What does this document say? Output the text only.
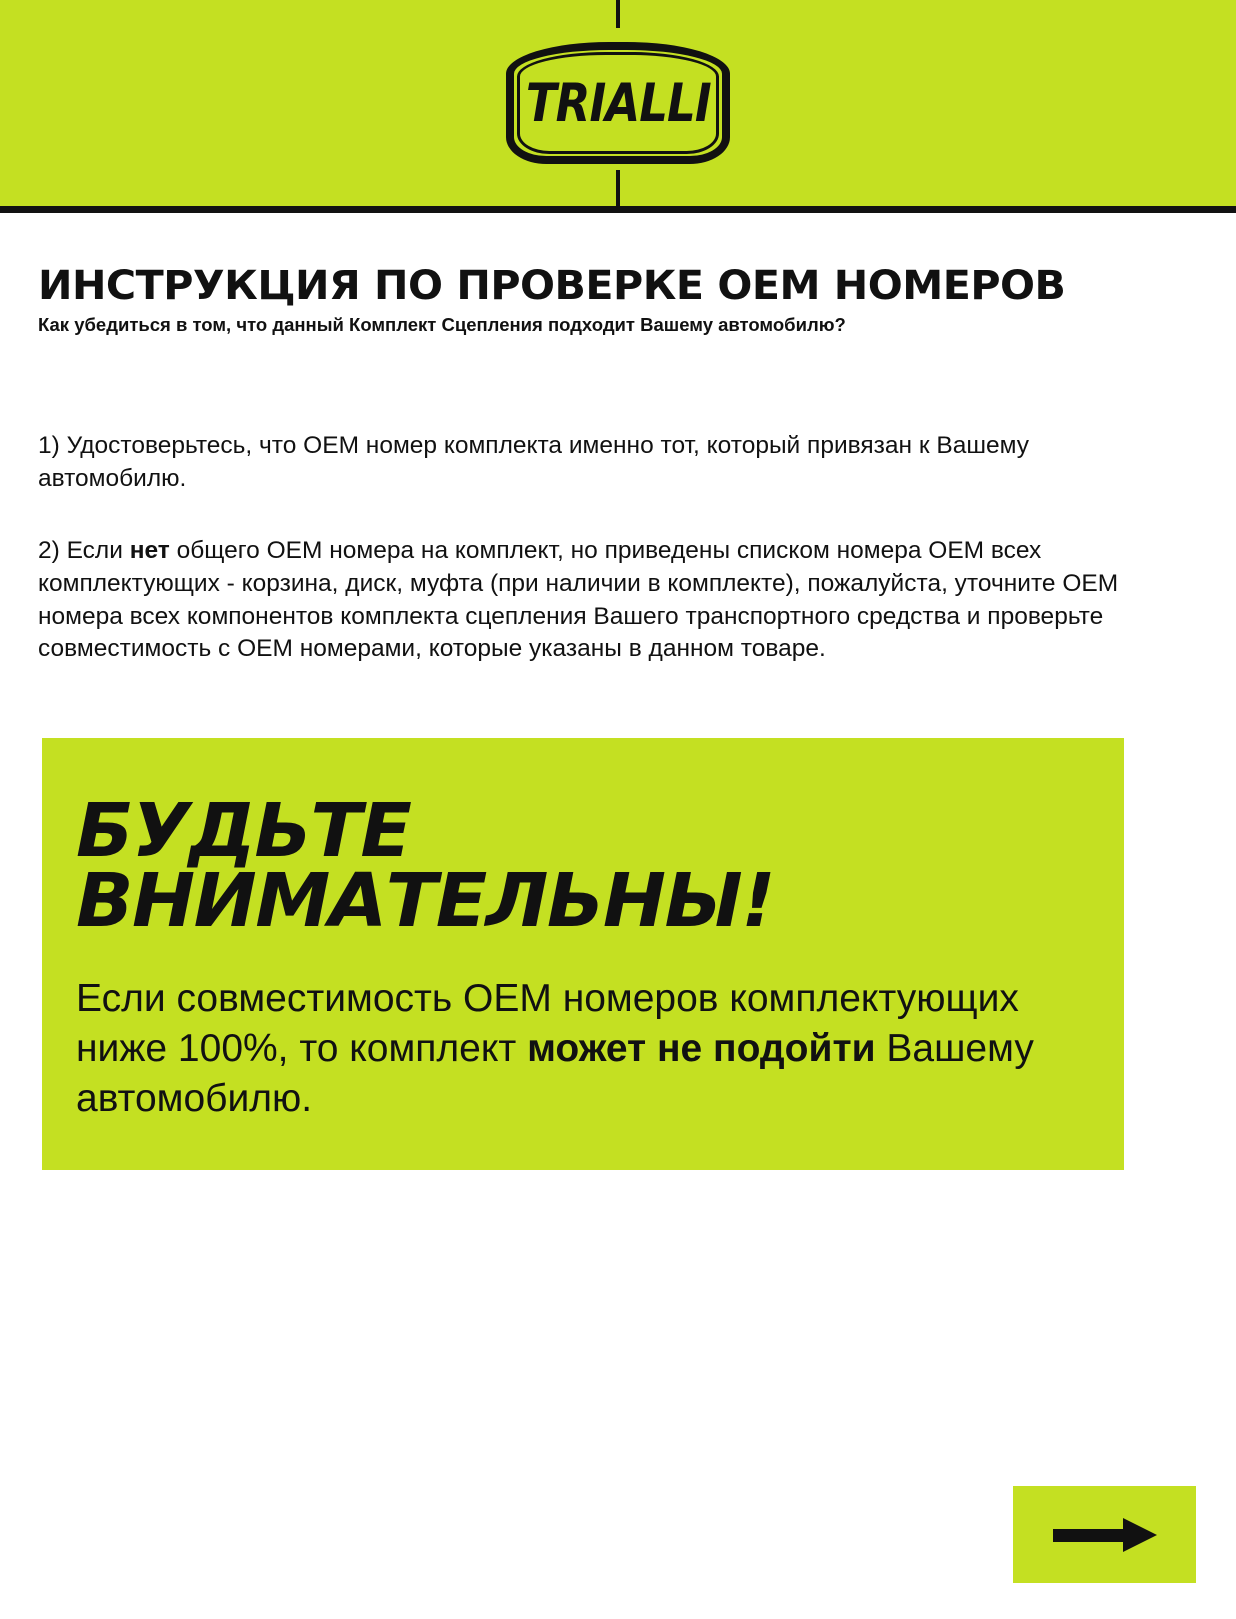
TRIALLI
ИНСТРУКЦИЯ ПО ПРОВЕРКЕ OEM НОМЕРОВ
Как убедиться в том, что данный Комплект Сцепления подходит Вашему автомобилю?
1) Удостоверьтесь, что OEM номер комплекта именно тот, который привязан к Вашему автомобилю.
2) Если нет общего OEM номера на комплект, но приведены списком номера OEM всех комплектующих - корзина, диск, муфта (при наличии в комплекте), пожалуйста, уточните OEM номера всех компонентов комплекта сцепления Вашего транспортного средства и проверьте совместимость с OEM номерами, которые указаны в данном товаре.
БУДЬТЕ
ВНИМАТЕЛЬНЫ!
Если совместимость OEM номеров комплектующих ниже 100%, то комплект может не подойти Вашему автомобилю.
